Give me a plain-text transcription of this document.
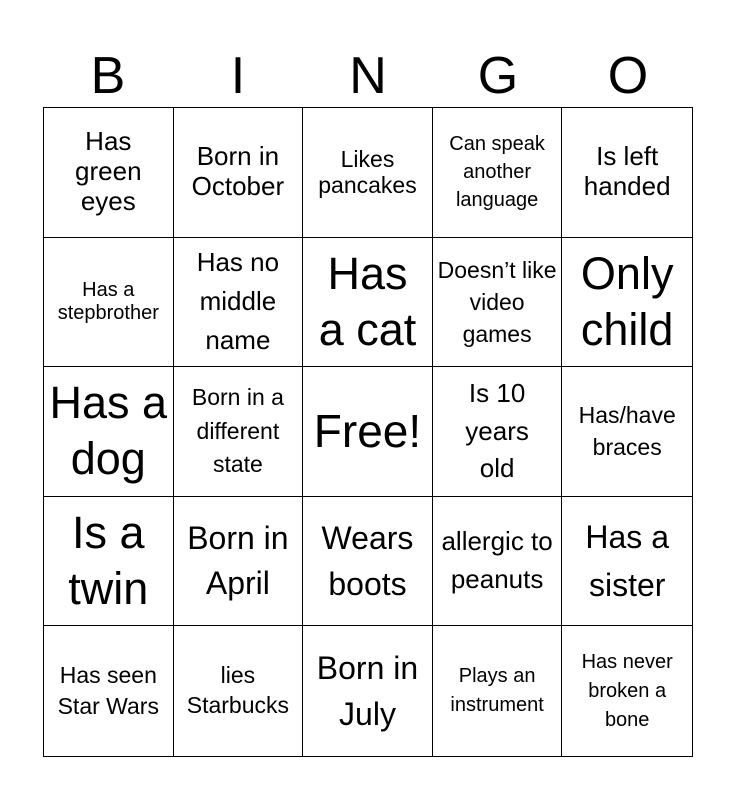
B	I	N	G	O
Has green eyes
Born in October
Likes pancakes
Can speak another language
Is left handed
Has a stepbrother
Has no middle name
Has a cat
Doesn’t like video games
Only child
Has a dog
Born in a different state
Free!
Is 10 years old
Has/have braces
Is a twin
Born in April
Wears boots
allergic to peanuts
Has a sister
Has seen Star Wars
lies Starbucks
Born in July
Plays an instrument
Has never broken a bone
